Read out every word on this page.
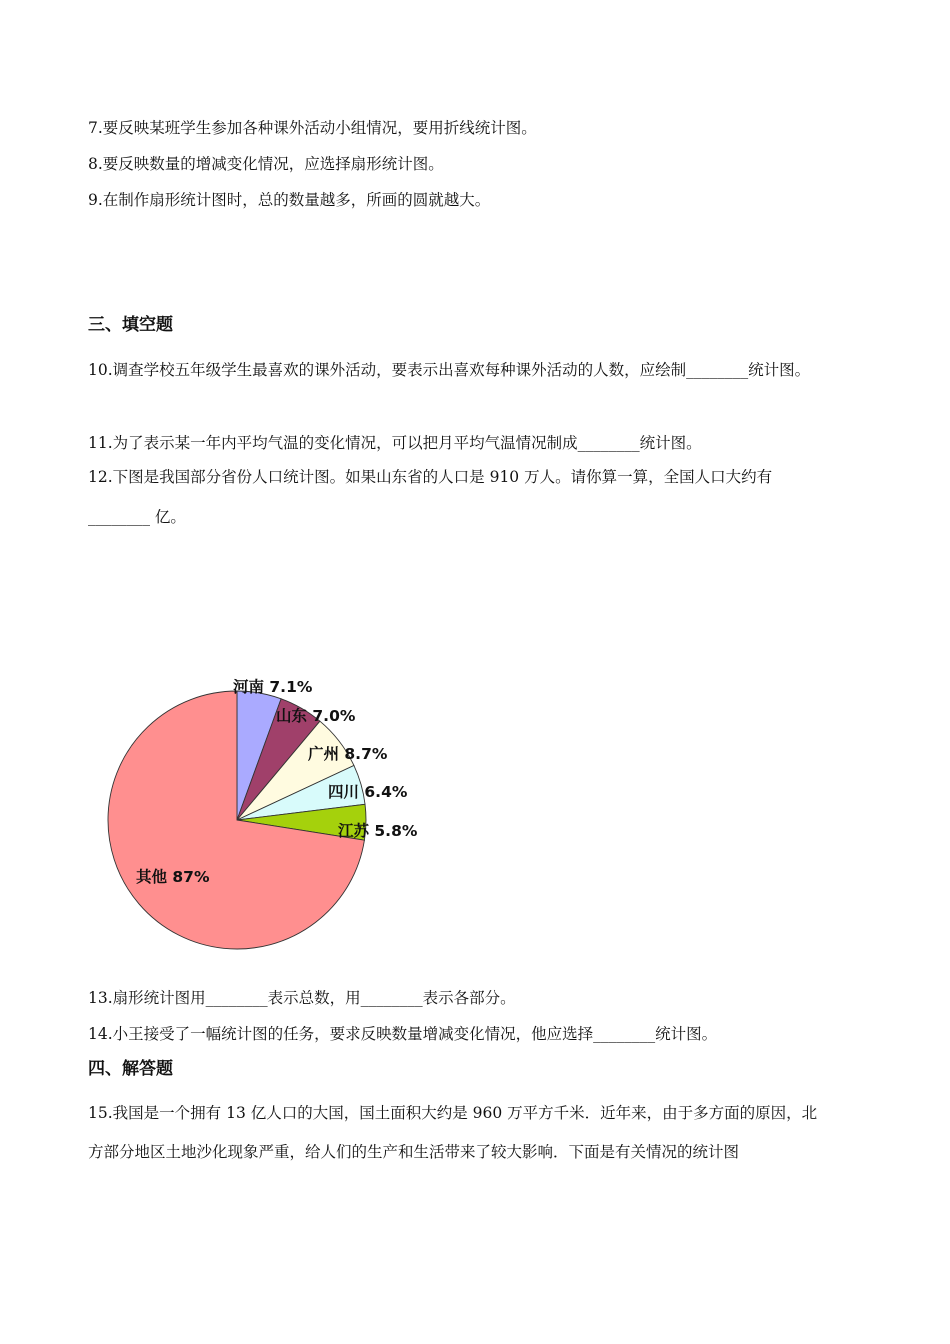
7.要反映某班学生参加各种课外活动小组情况，要用折线统计图。
8.要反映数量的增减变化情况，应选择扇形统计图。
9.在制作扇形统计图时，总的数量越多，所画的圆就越大。
三、填空题
10.调查学校五年级学生最喜欢的课外活动，要表示出喜欢每种课外活动的人数，应绘制________统计图。
11.为了表示某一年内平均气温的变化情况，可以把月平均气温情况制成________统计图。
12.下图是我国部分省份人口统计图。如果山东省的人口是 910 万人。请你算一算，全国人口大约有
________ 亿。
河南 7.1%
山东 7.0%
广州 8.7%
四川 6.4%
江苏 5.8%
其他 87%
13.扇形统计图用________表示总数，用________表示各部分。
14.小王接受了一幅统计图的任务，要求反映数量增减变化情况，他应选择________统计图。
四、解答题
15.我国是一个拥有 13 亿人口的大国，国土面积大约是 960 万平方千米．近年来，由于多方面的原因，北
方部分地区土地沙化现象严重，给人们的生产和生活带来了较大影响．下面是有关情况的统计图
